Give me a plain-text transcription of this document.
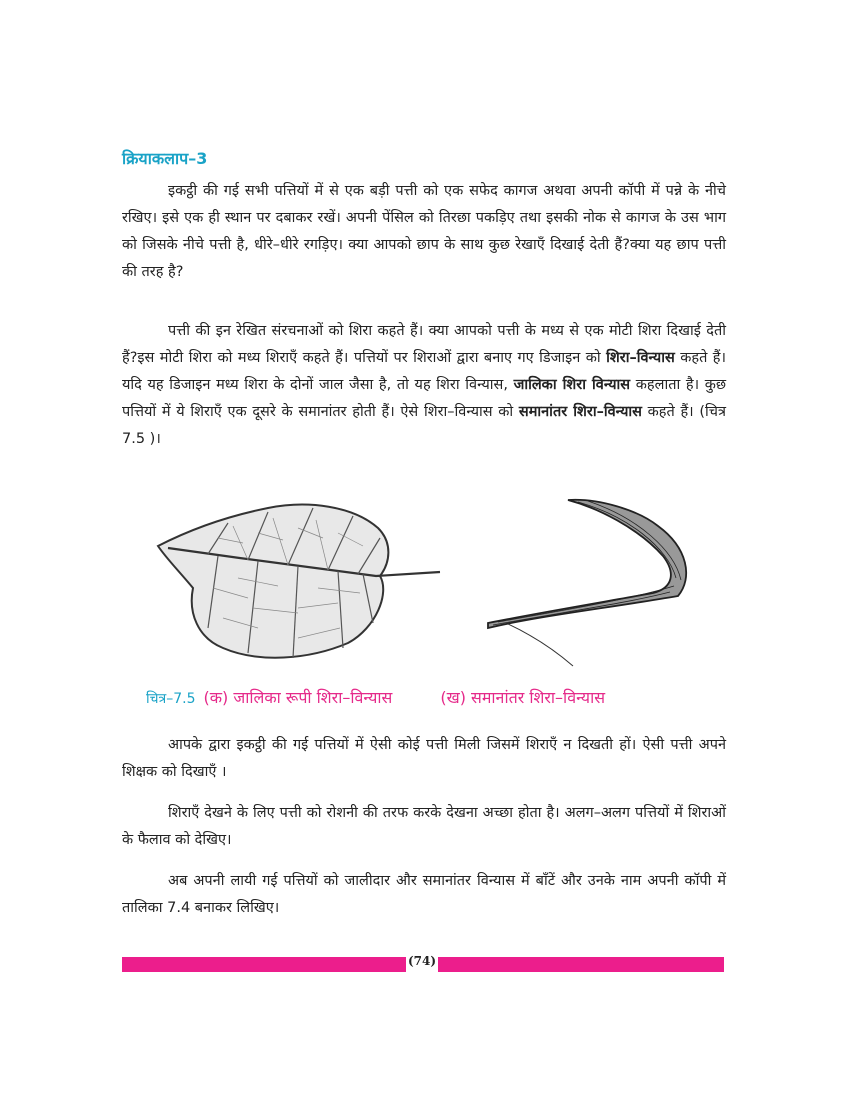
क्रियाकलाप–3

इकट्ठी की गई सभी पत्तियों में से एक बड़ी पत्ती को एक सफेद कागज अथवा अपनी कॉपी में पन्ने के नीचे रखिए। इसे एक ही स्थान पर दबाकर रखें। अपनी पेंसिल को तिरछा पकड़िए तथा इसकी नोक से कागज के उस भाग को जिसके नीचे पत्ती है, धीरे–धीरे रगड़िए। क्या आपको छाप के साथ कुछ रेखाएँ दिखाई देती हैं?क्या यह छाप पत्ती की तरह है?

पत्ती की इन रेखित संरचनाओं को शिरा कहते हैं। क्या आपको पत्ती के मध्य से एक मोटी शिरा दिखाई देती हैं?इस मोटी शिरा को मध्य शिराएँ कहते हैं। पत्तियों पर शिराओं द्वारा बनाए गए डिजाइन को शिरा–विन्यास कहते हैं। यदि यह डिजाइन मध्य शिरा के दोनों जाल जैसा है, तो यह शिरा विन्यास, जालिका शिरा विन्यास कहलाता है। कुछ पत्तियों में ये शिराएँ एक दूसरे के समानांतर होती हैं। ऐसे शिरा–विन्यास को समानांतर शिरा–विन्यास कहते हैं। (चित्र 7.5 )।

चित्र–7.5 (क) जालिका रूपी शिरा–विन्यास	(ख) समानांतर शिरा–विन्यास

आपके द्वारा इकट्ठी की गई पत्तियों में ऐसी कोई पत्ती मिली जिसमें शिराएँ न दिखती हों। ऐसी पत्ती अपने शिक्षक को दिखाएँ ।

शिराएँ देखने के लिए पत्ती को रोशनी की तरफ करके देखना अच्छा होता है। अलग–अलग पत्तियों में शिराओं के फैलाव को देखिए।

अब अपनी लायी गई पत्तियों को जालीदार और समानांतर विन्यास में बाँटें और उनके नाम अपनी कॉपी में तालिका 7.4 बनाकर लिखिए।

(74)
